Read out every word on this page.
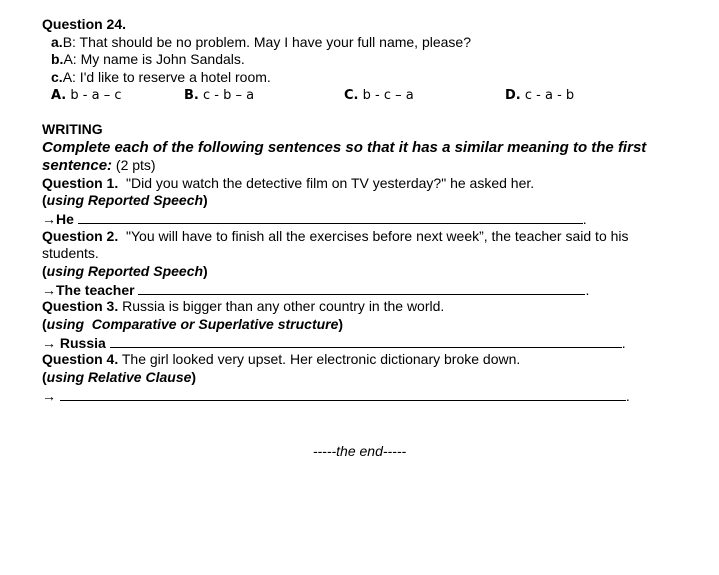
Question 24.
a.B: That should be no problem. May I have your full name, please?
b.A: My name is John Sandals.
c.A: I'd like to reserve a hotel room.
A. b - a – c	B. c - b – a	C. b - c – a	D. c - a - b
WRITING
Complete each of the following sentences so that it has a similar meaning to the first sentence: (2 pts)
Question 1. "Did you watch the detective film on TV yesterday?" he asked her.
(using Reported Speech)
→He	.
Question 2. "You will have to finish all the exercises before next week”, the teacher said to his students.
(using Reported Speech)
→The teacher	.
Question 3. Russia is bigger than any other country in the world.
(using  Comparative or Superlative structure)
→ Russia	.
Question 4. The girl looked very upset. Her electronic dictionary broke down.
(using Relative Clause)
→	.
-----the end-----
